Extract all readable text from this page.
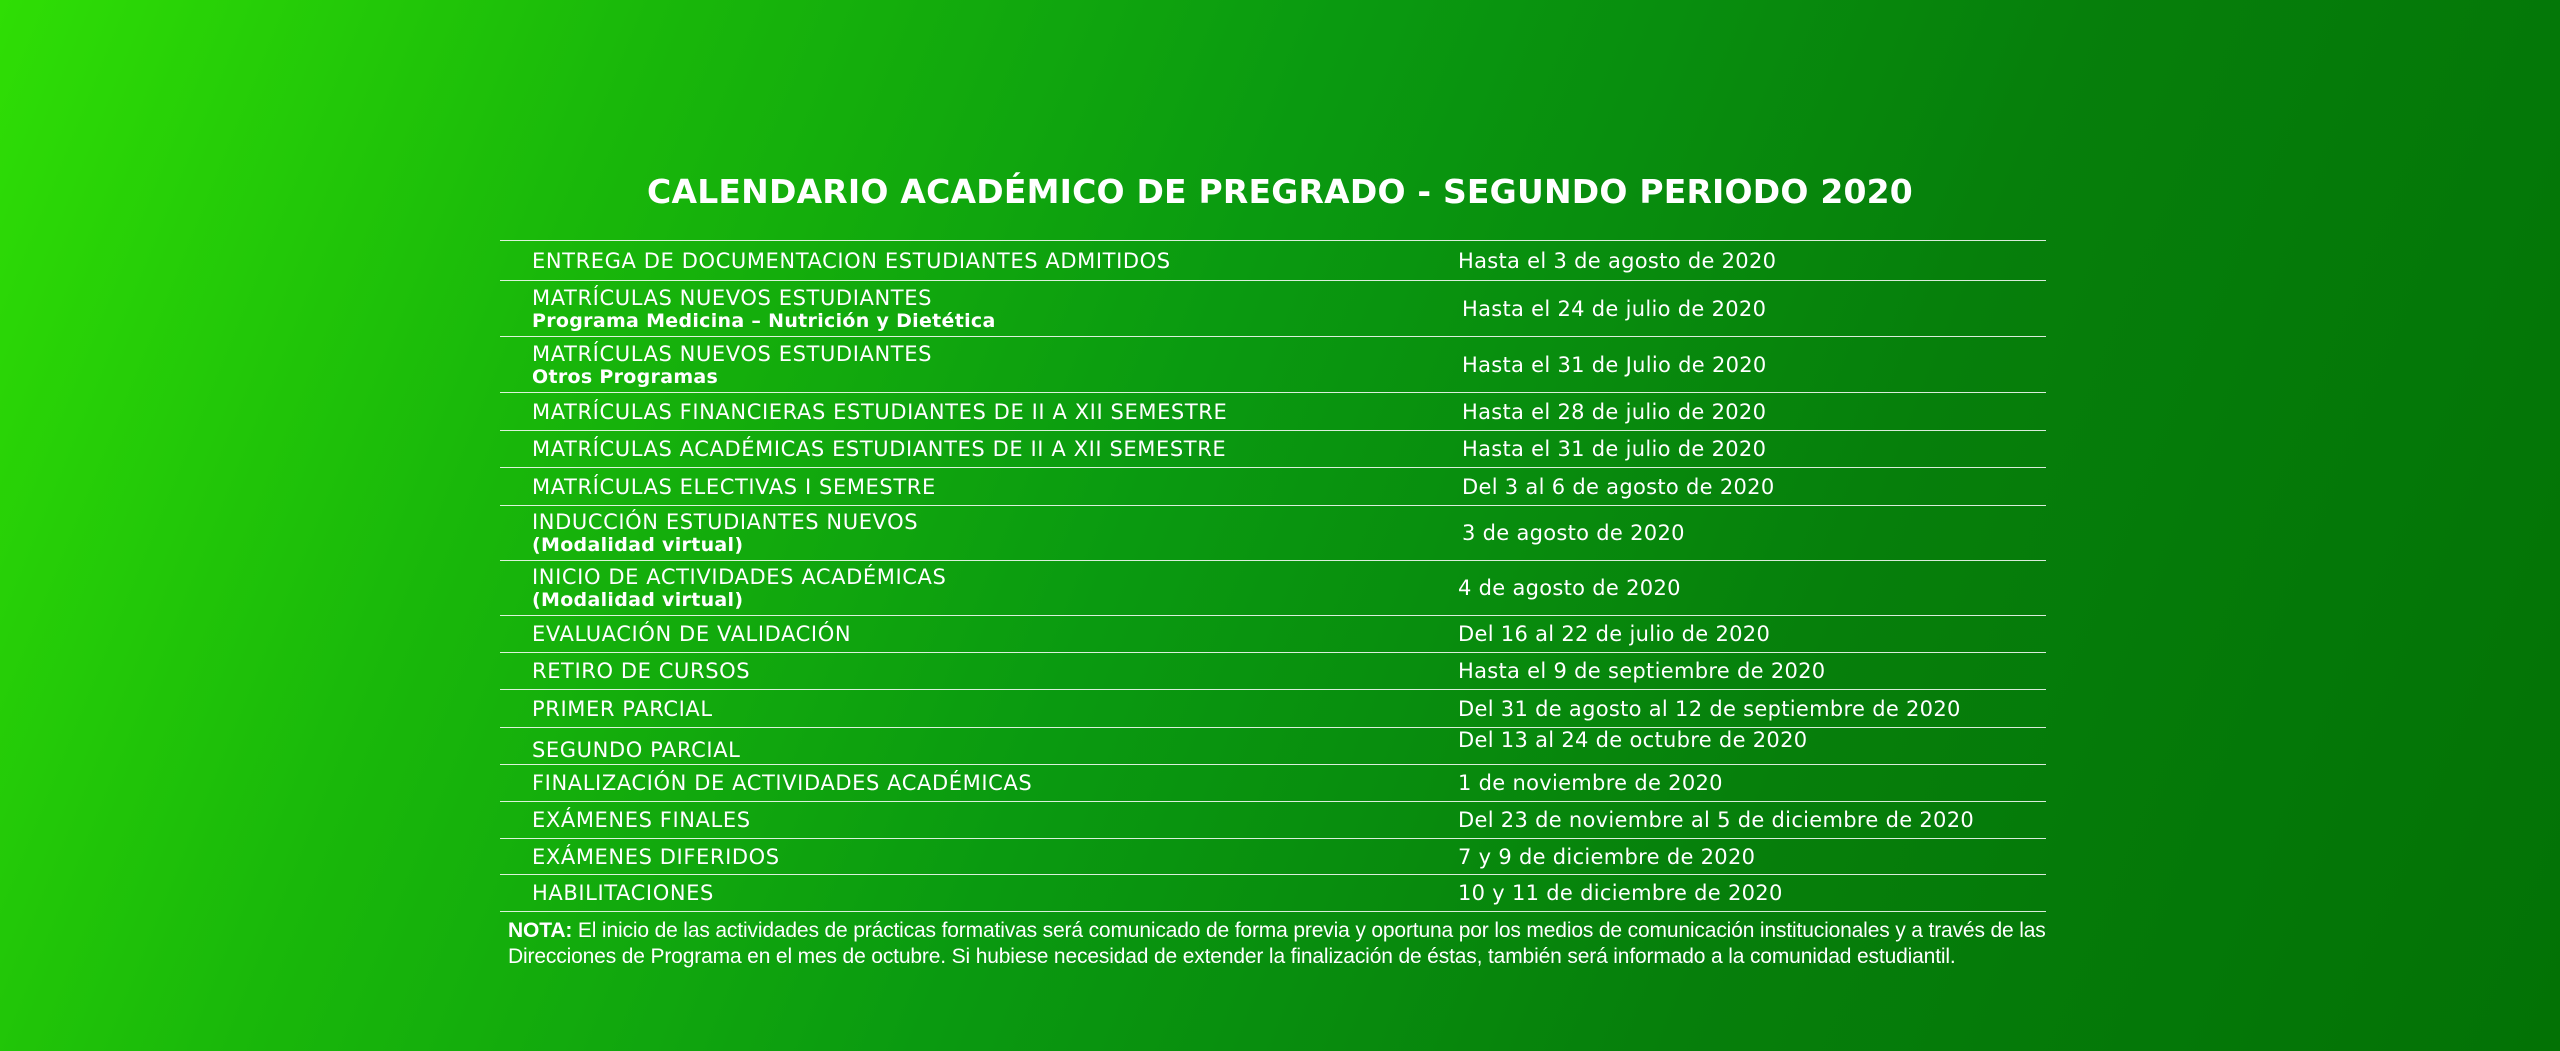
CALENDARIO ACADÉMICO DE PREGRADO - SEGUNDO PERIODO 2020
ENTREGA DE DOCUMENTACION ESTUDIANTES ADMITIDOS	Hasta el 3 de agosto de 2020
MATRÍCULAS NUEVOS ESTUDIANTES
Programa Medicina – Nutrición y Dietética	Hasta el 24 de julio de 2020
MATRÍCULAS NUEVOS ESTUDIANTES
Otros Programas	Hasta el 31 de Julio de 2020
MATRÍCULAS FINANCIERAS ESTUDIANTES DE II A XII SEMESTRE	Hasta el 28 de julio de 2020
MATRÍCULAS ACADÉMICAS ESTUDIANTES DE II A XII SEMESTRE	Hasta el 31 de julio de 2020
MATRÍCULAS ELECTIVAS I SEMESTRE	Del 3 al 6 de agosto de 2020
INDUCCIÓN ESTUDIANTES NUEVOS
(Modalidad virtual)	3 de agosto de 2020
INICIO DE ACTIVIDADES ACADÉMICAS
(Modalidad virtual)	4 de agosto de 2020
EVALUACIÓN DE VALIDACIÓN	Del 16 al 22 de julio de 2020
RETIRO DE CURSOS	Hasta el 9 de septiembre de 2020
PRIMER PARCIAL	Del 31 de agosto al 12 de septiembre de 2020
SEGUNDO PARCIAL	Del 13 al 24 de octubre de 2020
FINALIZACIÓN DE ACTIVIDADES ACADÉMICAS	1 de noviembre de 2020
EXÁMENES FINALES	Del 23 de noviembre al 5 de diciembre de 2020
EXÁMENES DIFERIDOS	7 y 9 de diciembre de 2020
HABILITACIONES	10 y 11 de diciembre de 2020
NOTA: El inicio de las actividades de prácticas formativas será comunicado de forma previa y oportuna por los medios de comunicación institucionales y a través de las Direcciones de Programa en el mes de octubre. Si hubiese necesidad de extender la finalización de éstas, también será informado a la comunidad estudiantil.
